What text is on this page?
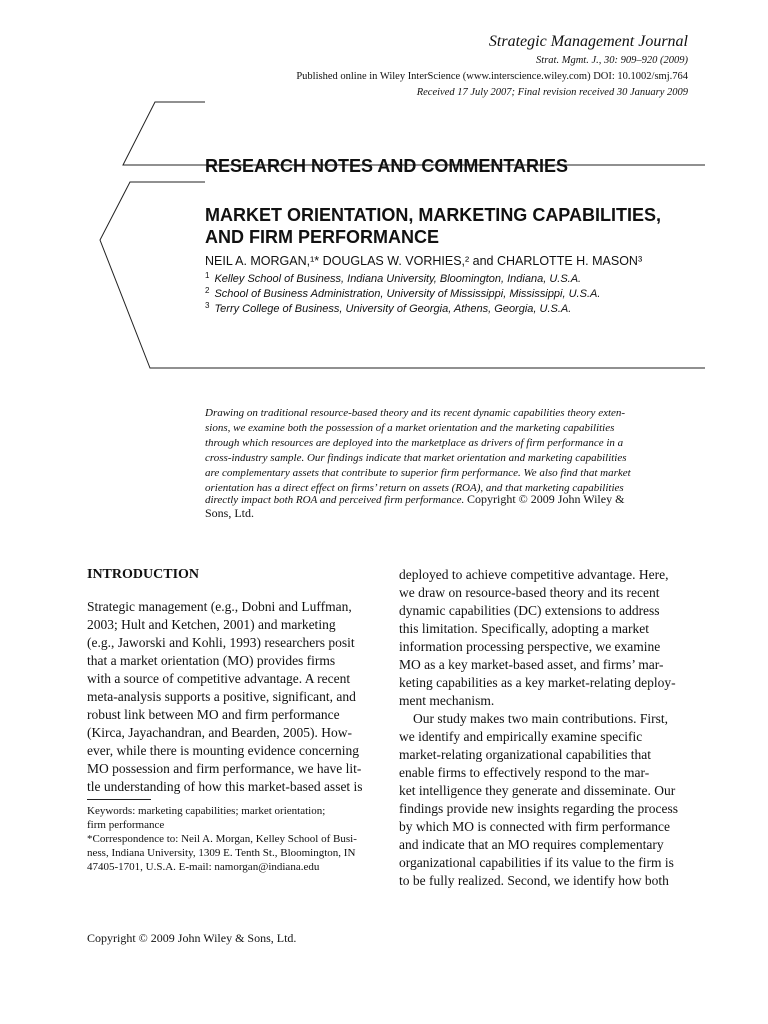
Strategic Management Journal
Strat. Mgmt. J., 30: 909–920 (2009)
Published online in Wiley InterScience (www.interscience.wiley.com) DOI: 10.1002/smj.764
Received 17 July 2007; Final revision received 30 January 2009
RESEARCH NOTES AND COMMENTARIES
MARKET ORIENTATION, MARKETING CAPABILITIES,
AND FIRM PERFORMANCE
NEIL A. MORGAN,¹* DOUGLAS W. VORHIES,² and CHARLOTTE H. MASON³
$^1$ Kelley School of Business, Indiana University, Bloomington, Indiana, U.S.A.
$^2$ School of Business Administration, University of Mississippi, Mississippi, U.S.A.
$^3$ Terry College of Business, University of Georgia, Athens, Georgia, U.S.A.
Drawing on traditional resource-based theory and its recent dynamic capabilities theory exten-
sions, we examine both the possession of a market orientation and the marketing capabilities
through which resources are deployed into the marketplace as drivers of firm performance in a
cross-industry sample. Our findings indicate that market orientation and marketing capabilities
are complementary assets that contribute to superior firm performance. We also find that market
orientation has a direct effect on firms’ return on assets (ROA), and that marketing capabilities
directly impact both ROA and perceived firm performance. Copyright © 2009 John Wiley &
Sons, Ltd.
INTRODUCTION
Strategic management (e.g., Dobni and Luffman,
2003; Hult and Ketchen, 2001) and marketing
(e.g., Jaworski and Kohli, 1993) researchers posit
that a market orientation (MO) provides firms
with a source of competitive advantage. A recent
meta-analysis supports a positive, significant, and
robust link between MO and firm performance
(Kirca, Jayachandran, and Bearden, 2005). How-
ever, while there is mounting evidence concerning
MO possession and firm performance, we have lit-
tle understanding of how this market-based asset is
deployed to achieve competitive advantage. Here,
we draw on resource-based theory and its recent
dynamic capabilities (DC) extensions to address
this limitation. Specifically, adopting a market
information processing perspective, we examine
MO as a key market-based asset, and firms’ mar-
keting capabilities as a key market-relating deploy-
ment mechanism.
Our study makes two main contributions. First,
we identify and empirically examine specific
market-relating organizational capabilities that
enable firms to effectively respond to the mar-
ket intelligence they generate and disseminate. Our
findings provide new insights regarding the process
by which MO is connected with firm performance
and indicate that an MO requires complementary
organizational capabilities if its value to the firm is
to be fully realized. Second, we identify how both
Keywords: marketing capabilities; market orientation;
firm performance
*Correspondence to: Neil A. Morgan, Kelley School of Busi-
ness, Indiana University, 1309 E. Tenth St., Bloomington, IN
47405-1701, U.S.A. E-mail: namorgan@indiana.edu
Copyright © 2009 John Wiley & Sons, Ltd.
